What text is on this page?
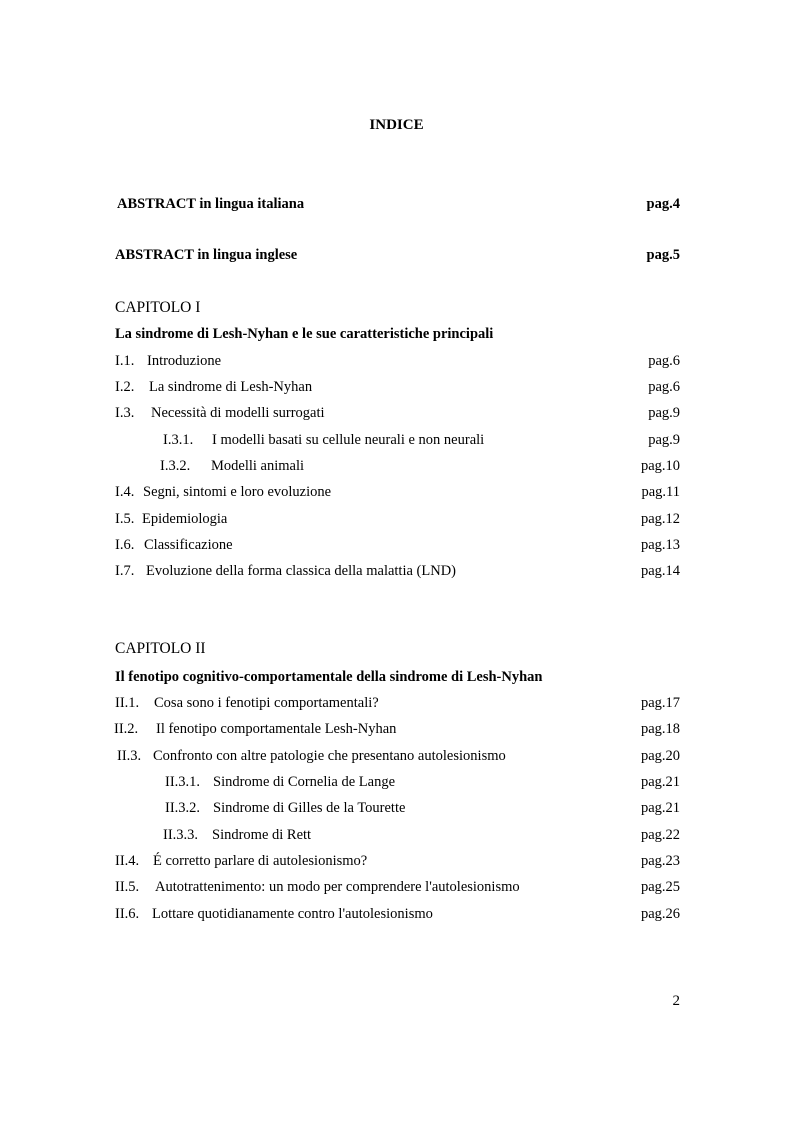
INDICE
ABSTRACT in lingua italiana	pag.4
ABSTRACT in lingua inglese	pag.5
CAPITOLO I
La sindrome di Lesh-Nyhan e le sue caratteristiche principali
I.1. Introduzione	pag.6
I.2. La sindrome di Lesh-Nyhan	pag.6
I.3. Necessità di modelli surrogati	pag.9
I.3.1. I modelli basati su cellule neurali e non neurali	pag.9
I.3.2. Modelli animali	pag.10
I.4. Segni, sintomi e loro evoluzione	pag.11
I.5. Epidemiologia	pag.12
I.6. Classificazione	pag.13
I.7. Evoluzione della forma classica della malattia (LND)	pag.14
CAPITOLO II
Il fenotipo cognitivo-comportamentale della sindrome di Lesh-Nyhan
II.1. Cosa sono i fenotipi comportamentali?	pag.17
II.2. Il fenotipo comportamentale Lesh-Nyhan	pag.18
II.3. Confronto con altre patologie che presentano autolesionismo	pag.20
II.3.1. Sindrome di Cornelia de Lange	pag.21
II.3.2. Sindrome di Gilles de la Tourette	pag.21
II.3.3. Sindrome di Rett	pag.22
II.4. É corretto parlare di autolesionismo?	pag.23
II.5. Autotrattenimento: un modo per comprendere l'autolesionismo	pag.25
II.6. Lottare quotidianamente contro l'autolesionismo	pag.26
2
